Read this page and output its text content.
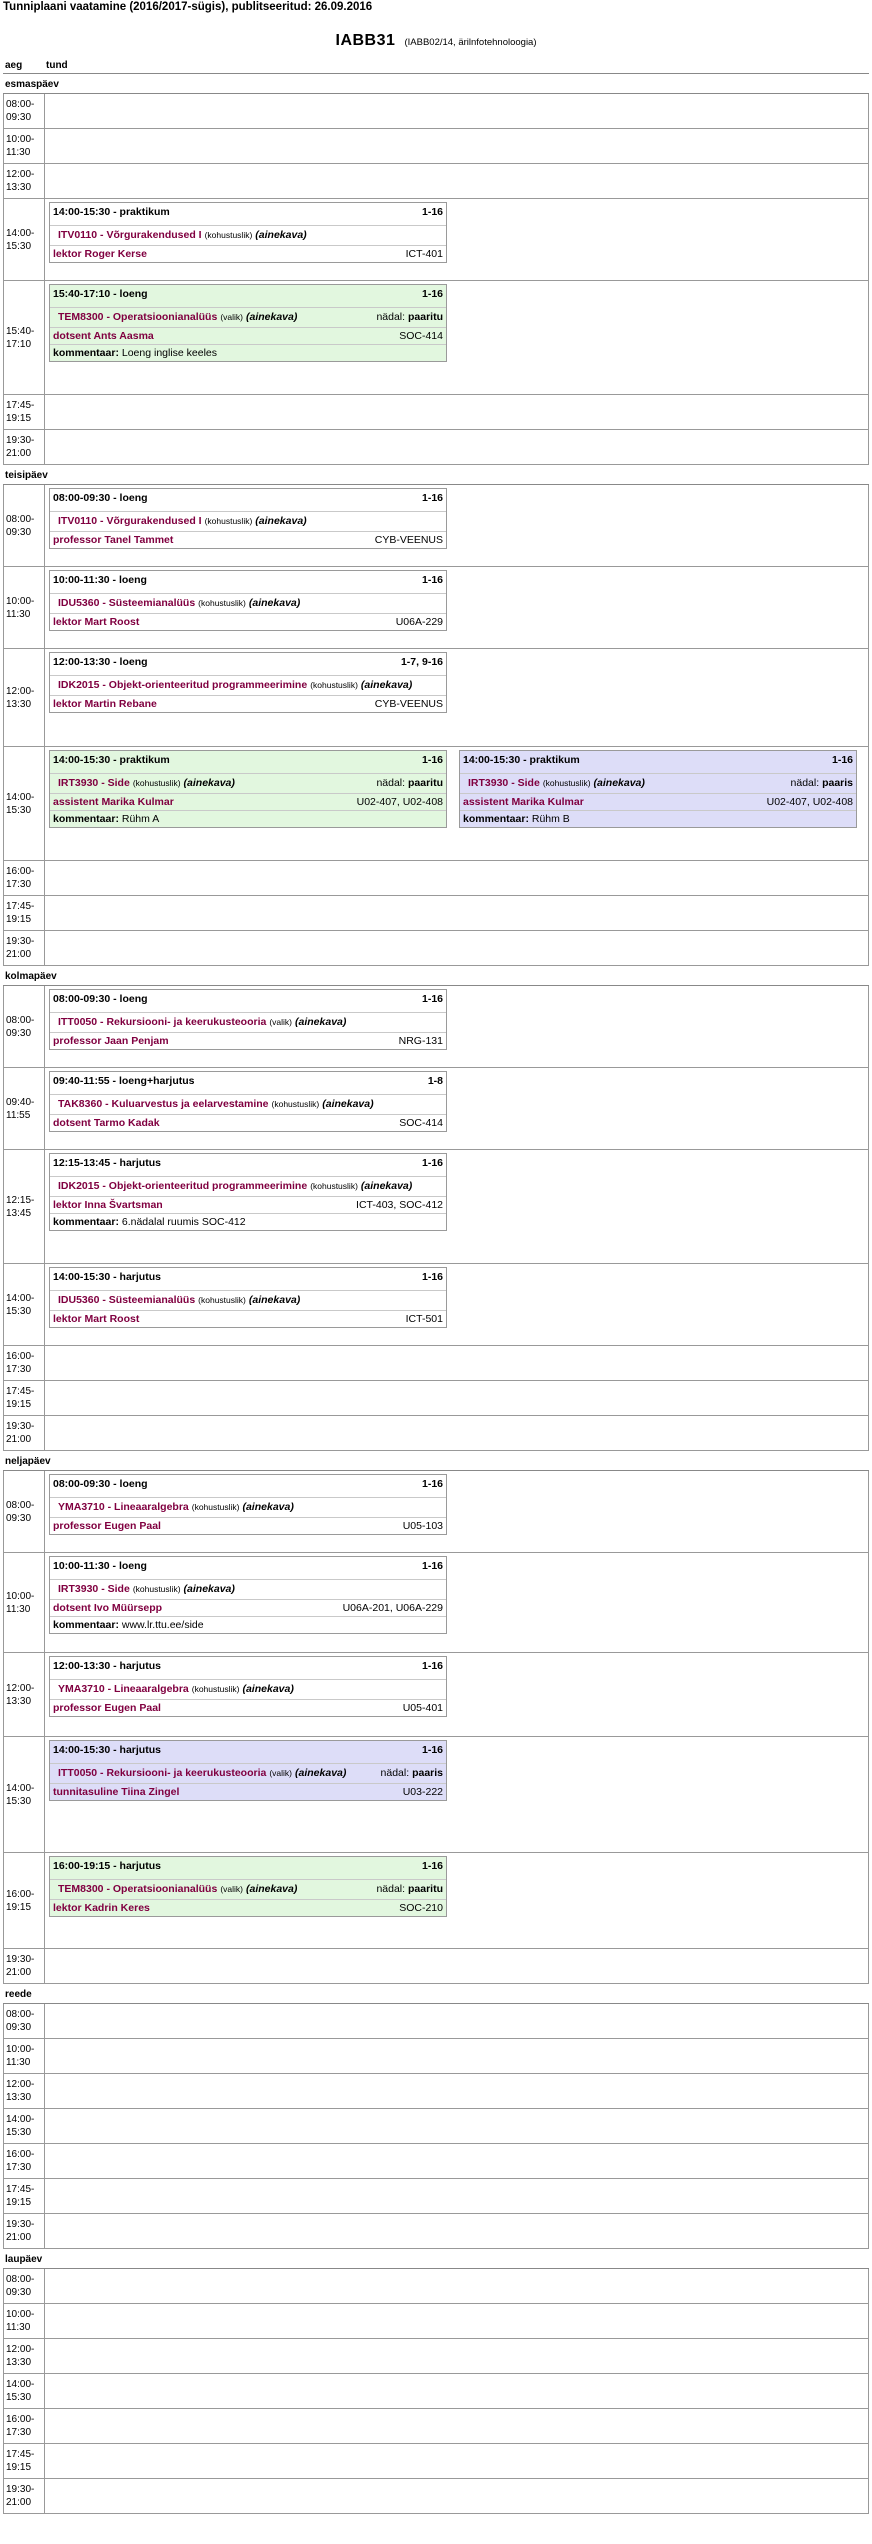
Tunniplaani vaatamine (2016/2017-sügis), publitseeritud: 26.09.2016
IABB31 (IABB02/14, ärilnfotehnoloogia)
aeg	tund
esmaspäev
08:00-
09:30
10:00-
11:30
12:00-
13:30
14:00-
15:30
14:00-15:30 - praktikum	1-16
ITV0110 - Võrgurakendused I (kohustuslik) (ainekava)
lektor Roger Kerse	ICT-401
15:40-
17:10
15:40-17:10 - loeng	1-16
TEM8300 - Operatsioonianalüüs (valik) (ainekava)	nädal: paaritu
dotsent Ants Aasma	SOC-414
kommentaar: Loeng inglise keeles
17:45-
19:15
19:30-
21:00
teisipäev
08:00-
09:30
08:00-09:30 - loeng	1-16
ITV0110 - Võrgurakendused I (kohustuslik) (ainekava)
professor Tanel Tammet	CYB-VEENUS
10:00-
11:30
10:00-11:30 - loeng	1-16
IDU5360 - Süsteemianalüüs (kohustuslik) (ainekava)
lektor Mart Roost	U06A-229
12:00-
13:30
12:00-13:30 - loeng	1-7, 9-16
IDK2015 - Objekt-orienteeritud programmeerimine (kohustuslik) (ainekava)
lektor Martin Rebane	CYB-VEENUS
14:00-
15:30
14:00-15:30 - praktikum	1-16
IRT3930 - Side (kohustuslik) (ainekava)	nädal: paaritu
assistent Marika Kulmar	U02-407, U02-408
kommentaar: Rühm A
14:00-15:30 - praktikum	1-16
IRT3930 - Side (kohustuslik) (ainekava)	nädal: paaris
assistent Marika Kulmar	U02-407, U02-408
kommentaar: Rühm B
16:00-
17:30
17:45-
19:15
19:30-
21:00
kolmapäev
08:00-
09:30
08:00-09:30 - loeng	1-16
ITT0050 - Rekursiooni- ja keerukusteooria (valik) (ainekava)
professor Jaan Penjam	NRG-131
09:40-
11:55
09:40-11:55 - loeng+harjutus	1-8
TAK8360 - Kuluarvestus ja eelarvestamine (kohustuslik) (ainekava)
dotsent Tarmo Kadak	SOC-414
12:15-
13:45
12:15-13:45 - harjutus	1-16
IDK2015 - Objekt-orienteeritud programmeerimine (kohustuslik) (ainekava)
lektor Inna Švartsman	ICT-403, SOC-412
kommentaar: 6.nädalal ruumis SOC-412
14:00-
15:30
14:00-15:30 - harjutus	1-16
IDU5360 - Süsteemianalüüs (kohustuslik) (ainekava)
lektor Mart Roost	ICT-501
16:00-
17:30
17:45-
19:15
19:30-
21:00
neljapäev
08:00-
09:30
08:00-09:30 - loeng	1-16
YMA3710 - Lineaaralgebra (kohustuslik) (ainekava)
professor Eugen Paal	U05-103
10:00-
11:30
10:00-11:30 - loeng	1-16
IRT3930 - Side (kohustuslik) (ainekava)
dotsent Ivo Müürsepp	U06A-201, U06A-229
kommentaar: www.lr.ttu.ee/side
12:00-
13:30
12:00-13:30 - harjutus	1-16
YMA3710 - Lineaaralgebra (kohustuslik) (ainekava)
professor Eugen Paal	U05-401
14:00-
15:30
14:00-15:30 - harjutus	1-16
ITT0050 - Rekursiooni- ja keerukusteooria (valik) (ainekava)	nädal: paaris
tunnitasuline Tiina Zingel	U03-222
16:00-
19:15
16:00-19:15 - harjutus	1-16
TEM8300 - Operatsioonianalüüs (valik) (ainekava)	nädal: paaritu
lektor Kadrin Keres	SOC-210
19:30-
21:00
reede
08:00-
09:30
10:00-
11:30
12:00-
13:30
14:00-
15:30
16:00-
17:30
17:45-
19:15
19:30-
21:00
laupäev
08:00-
09:30
10:00-
11:30
12:00-
13:30
14:00-
15:30
16:00-
17:30
17:45-
19:15
19:30-
21:00
